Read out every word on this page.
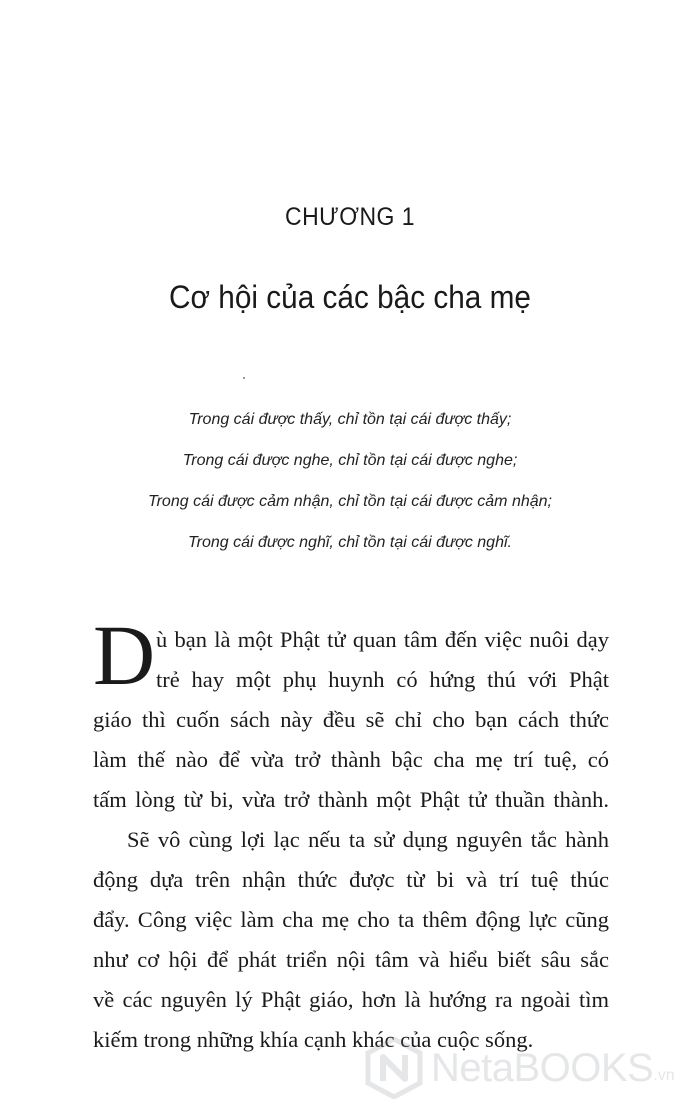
CHƯƠNG 1
Cơ hội của các bậc cha mẹ
Trong cái được thấy, chỉ tồn tại cái được thấy;
Trong cái được nghe, chỉ tồn tại cái được nghe;
Trong cái được cảm nhận, chỉ tồn tại cái được cảm nhận;
Trong cái được nghĩ, chỉ tồn tại cái được nghĩ.
D ù bạn là một Phật tử quan tâm đến việc nuôi dạy
trẻ hay một phụ huynh có hứng thú với Phật
giáo thì cuốn sách này đều sẽ chỉ cho bạn cách thức
làm thế nào để vừa trở thành bậc cha mẹ trí tuệ, có
tấm lòng từ bi, vừa trở thành một Phật tử thuần thành.
Sẽ vô cùng lợi lạc nếu ta sử dụng nguyên tắc hành
động dựa trên nhận thức được từ bi và trí tuệ thúc
đẩy. Công việc làm cha mẹ cho ta thêm động lực cũng
như cơ hội để phát triển nội tâm và hiểu biết sâu sắc
về các nguyên lý Phật giáo, hơn là hướng ra ngoài tìm
kiếm trong những khía cạnh khác của cuộc sống.
NetaBOOKS .vn
